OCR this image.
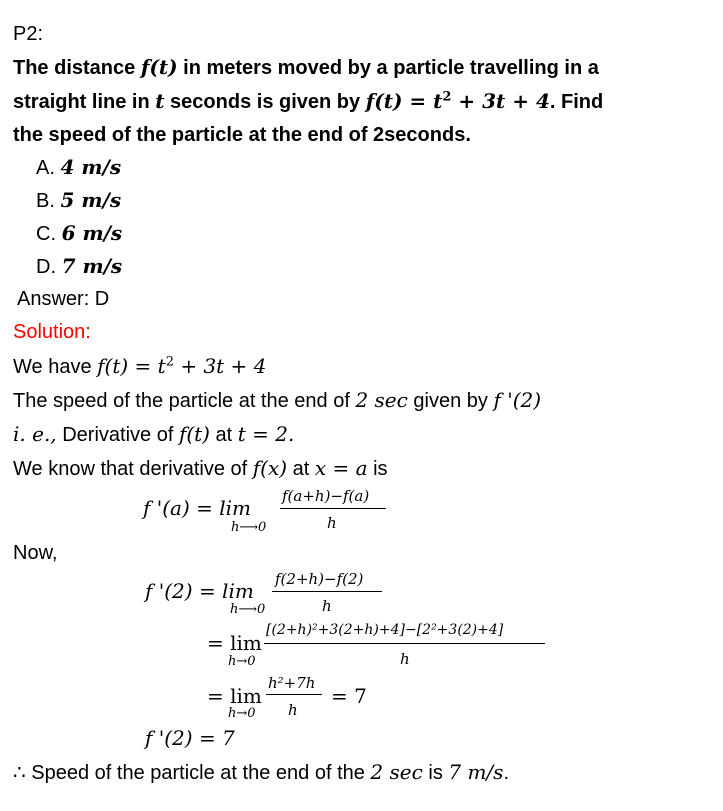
P2:
The distance f(t) in meters moved by a particle travelling in a
straight line in t seconds is given by $f(t) = t^2 + 3t + 4$. Find
the speed of the particle at the end of 2seconds.
A. 4 m/s
B. 5 m/s
C. 6 m/s
D. 7 m/s
Answer: D
Solution:
We have $f(t) = t^2 + 3t + 4$
The speed of the particle at the end of 2 sec given by f '(2)
i. e., Derivative of f(t) at t = 2.
We know that derivative of f(x) at x = a is
f '(a) = lim
h⟶0
f(a+h)−f(a)
h
Now,
f '(2) = lim
h⟶0
f(2+h)−f(2)
h
= lim
h→0
[(2+h)²+3(2+h)+4]−[2²+3(2)+4]
h
= lim
h→0
h²+7h
h
= 7
f '(2) = 7
∴ Speed of the particle at the end of the 2 sec is 7 m/s.
